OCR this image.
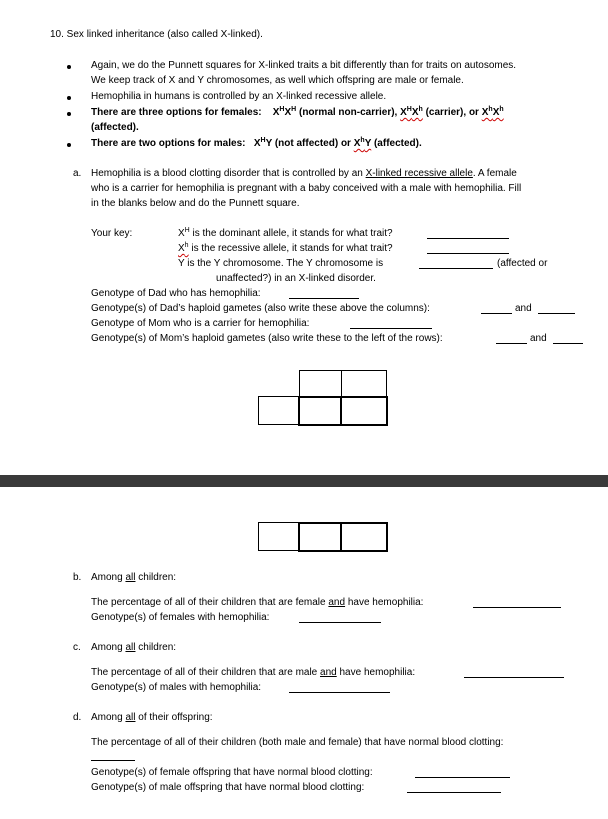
10. Sex linked inheritance (also called X-linked).
Again, we do the Punnett squares for X-linked traits a bit differently than for traits on autosomes.
We keep track of X and Y chromosomes, as well which offspring are male or female.
Hemophilia in humans is controlled by an X-linked recessive allele.
There are three options for females: $X^HX^H$ (normal non-carrier), $X^HX^h$ (carrier), or $X^hX^h$
(affected).
There are two options for males: $X^HY$ (not affected) or $X^hY$ (affected).
a. Hemophilia is a blood clotting disorder that is controlled by an X-linked recessive allele. A female
who is a carrier for hemophilia is pregnant with a baby conceived with a male with hemophilia. Fill
in the blanks below and do the Punnett square.
Your key:	$X^H$ is the dominant allele, it stands for what trait?
$X^h$ is the recessive allele, it stands for what trait?
Y is the Y chromosome. The Y chromosome is	(affected or
unaffected?) in an X-linked disorder.
Genotype of Dad who has hemophilia:
Genotype(s) of Dad’s haploid gametes (also write these above the columns):	and
Genotype of Mom who is a carrier for hemophilia:
Genotype(s) of Mom’s haploid gametes (also write these to the left of the rows):	and
b. Among all children:
The percentage of all of their children that are female and have hemophilia:
Genotype(s) of females with hemophilia:
c. Among all children:
The percentage of all of their children that are male and have hemophilia:
Genotype(s) of males with hemophilia:
d. Among all of their offspring:
The percentage of all of their children (both male and female) that have normal blood clotting:
Genotype(s) of female offspring that have normal blood clotting:
Genotype(s) of male offspring that have normal blood clotting:
